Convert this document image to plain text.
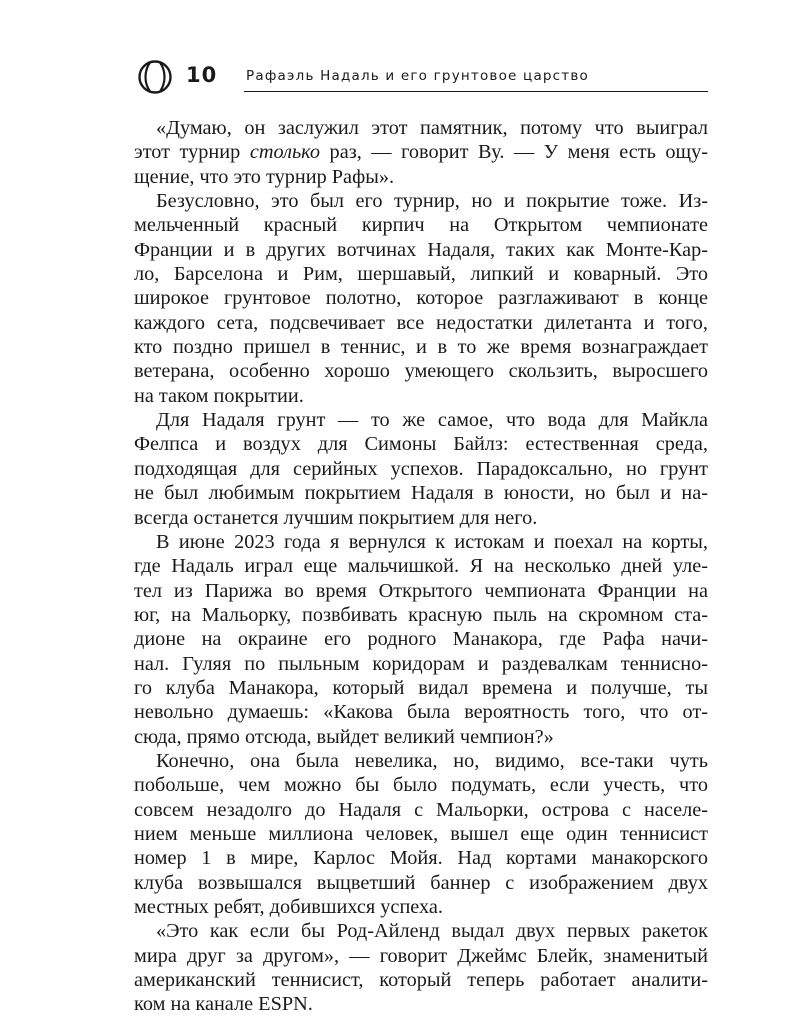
10 Рафаэль Надаль и его грунтовое царство
«Думаю, он заслужил этот памятник, потому что выиграл
этот турнир столько раз, — говорит Ву. — У меня есть ощу-
щение, что это турнир Рафы».
Безусловно, это был его турнир, но и покрытие тоже. Из-
мельченный красный кирпич на Открытом чемпионате
Франции и в других вотчинах Надаля, таких как Монте-Кар-
ло, Барселона и Рим, шершавый, липкий и коварный. Это
широкое грунтовое полотно, которое разглаживают в конце
каждого сета, подсвечивает все недостатки дилетанта и того,
кто поздно пришел в теннис, и в то же время вознаграждает
ветерана, особенно хорошо умеющего скользить, выросшего
на таком покрытии.
Для Надаля грунт — то же самое, что вода для Майкла
Фелпса и воздух для Симоны Байлз: естественная среда,
подходящая для серийных успехов. Парадоксально, но грунт
не был любимым покрытием Надаля в юности, но был и на-
всегда останется лучшим покрытием для него.
В июне 2023 года я вернулся к истокам и поехал на корты,
где Надаль играл еще мальчишкой. Я на несколько дней уле-
тел из Парижа во время Открытого чемпионата Франции на
юг, на Мальорку, позвбивать красную пыль на скромном ста-
дионе на окраине его родного Манакора, где Рафа начи-
нал. Гуляя по пыльным коридорам и раздевалкам теннисно-
го клуба Манакора, который видал времена и получше, ты
невольно думаешь: «Какова была вероятность того, что от-
сюда, прямо отсюда, выйдет великий чемпион?»
Конечно, она была невелика, но, видимо, все-таки чуть
побольше, чем можно бы было подумать, если учесть, что
совсем незадолго до Надаля с Мальорки, острова с населе-
нием меньше миллиона человек, вышел еще один теннисист
номер 1 в мире, Карлос Мойя. Над кортами манакорского
клуба возвышался выцветший баннер с изображением двух
местных ребят, добившихся успеха.
«Это как если бы Род-Айленд выдал двух первых ракеток
мира друг за другом», — говорит Джеймс Блейк, знаменитый
американский теннисист, который теперь работает аналити-
ком на канале ESPN.
